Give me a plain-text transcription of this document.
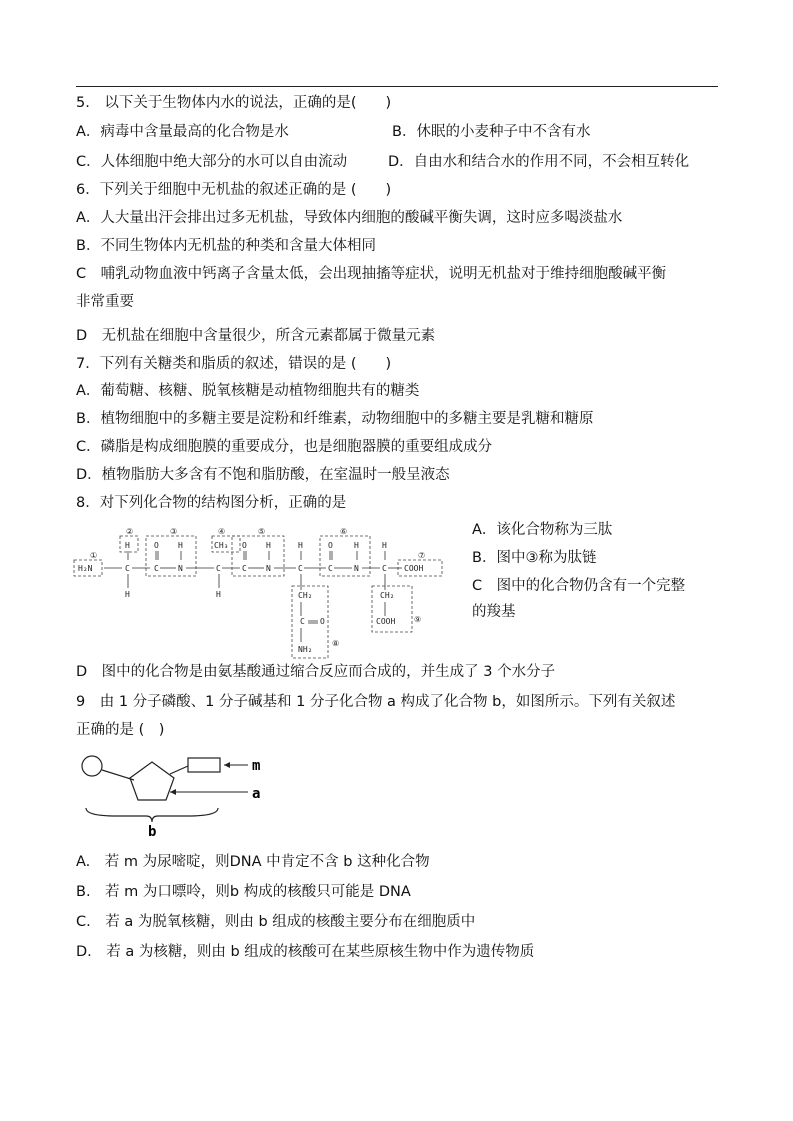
5.　以下关于生物体内水的说法，正确的是(　　)
A．病毒中含量最高的化合物是水	B．休眠的小麦种子中不含有水
C．人体细胞中绝大部分的水可以自由流动	D．自由水和结合水的作用不同，不会相互转化
6．下列关于细胞中无机盐的叙述正确的是 (　　)
A．人大量出汗会排出过多无机盐，导致体内细胞的酸碱平衡失调，这时应多喝淡盐水
B．不同生物体内无机盐的种类和含量大体相同
C　哺乳动物血液中钙离子含量太低，会出现抽搐等症状，说明无机盐对于维持细胞酸碱平衡
非常重要
D　无机盐在细胞中含量很少，所含元素都属于微量元素
7．下列有关糖类和脂质的叙述，错误的是 (　　)
A．葡萄糖、核糖、脱氧核糖是动植物细胞共有的糖类
B．植物细胞中的多糖主要是淀粉和纤维素，动物细胞中的多糖主要是乳糖和糖原
C．磷脂是构成细胞膜的重要成分，也是细胞器膜的重要组成成分
D．植物脂肪大多含有不饱和脂肪酸，在室温时一般呈液态
8．对下列化合物的结构图分析，正确的是
①
②	③	④	⑤	⑥
⑦
⑧
⑨
H₂N
H
C
H
O
C
H
N
CH₃
C
H
O
C
H
N
H
C
O
C
H
N
H
C COOH
CH₂
C O
NH₂
CH₂
COOH
A．该化合物称为三肽
B．图中③称为肽链
C　图中的化合物仍含有一个完整
的羧基
D　图中的化合物是由氨基酸通过缩合反应而合成的，并生成了 3 个水分子
9　由 1 分子磷酸、1 分子碱基和 1 分子化合物 a 构成了化合物 b，如图所示。下列有关叙述
正确的是 (　)
m
a
b
A.　若 m 为尿嘧啶，则DNA 中肯定不含 b 这种化合物
B.　若 m 为口嘌呤，则b 构成的核酸只可能是 DNA
C.　若 a 为脱氧核糖，则由 b 组成的核酸主要分布在细胞质中
D.　若 a 为核糖，则由 b 组成的核酸可在某些原核生物中作为遗传物质
